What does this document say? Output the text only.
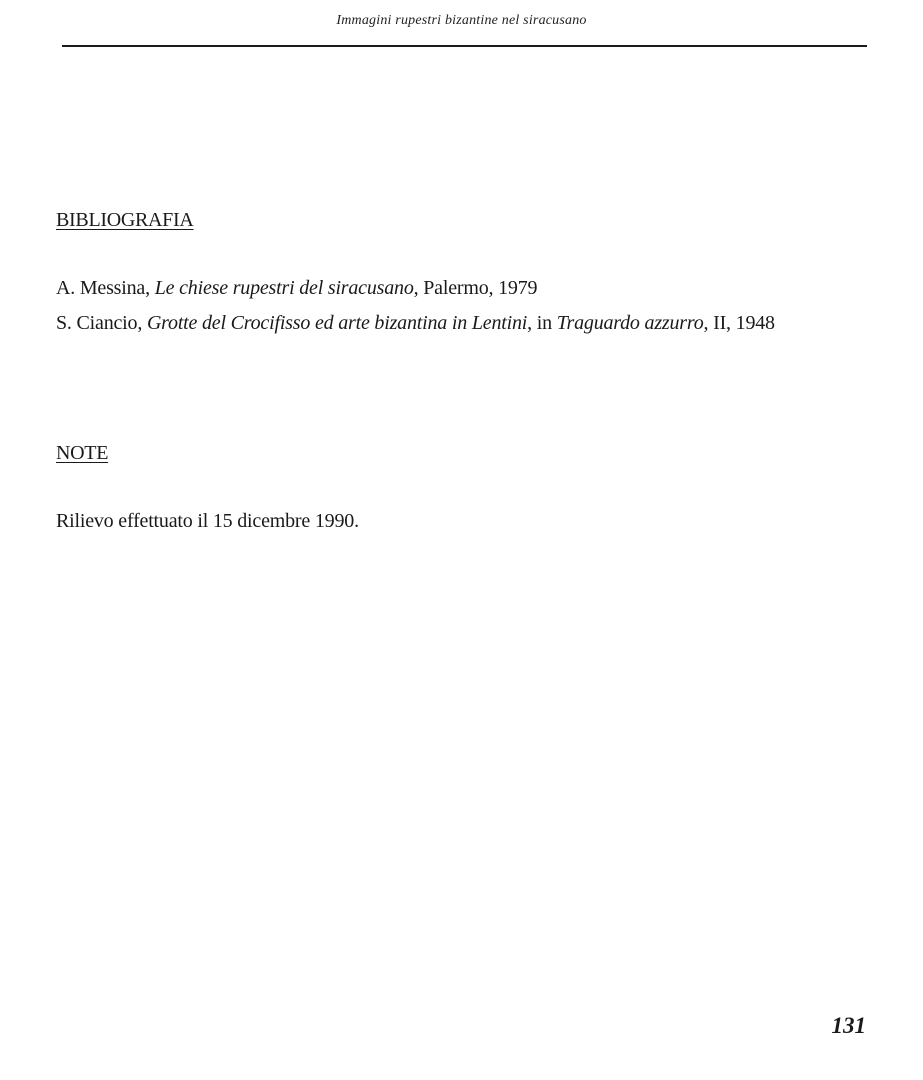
Immagini rupestri bizantine nel siracusano
BIBLIOGRAFIA
A. Messina, Le chiese rupestri del siracusano, Palermo, 1979
S. Ciancio, Grotte del Crocifisso ed arte bizantina in Lentini, in Traguardo azzurro, II, 1948
NOTE
Rilievo effettuato il 15 dicembre 1990.
131
